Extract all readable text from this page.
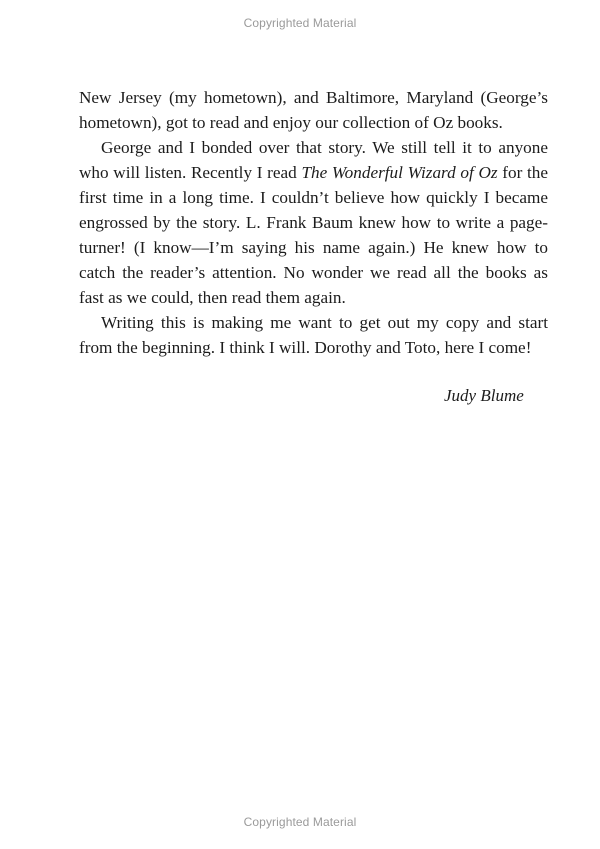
Copyrighted Material
New Jersey (my hometown), and Baltimore, Maryland (George’s
hometown), got to read and enjoy our collection of Oz books.
George and I bonded over that story. We still tell it to anyone
who will listen. Recently I read The Wonderful Wizard of Oz for the
first time in a long time. I couldn’t believe how quickly I became
engrossed by the story. L. Frank Baum knew how to write a page-
turner! (I know—I’m saying his name again.) He knew how to
catch the reader’s attention. No wonder we read all the books as
fast as we could, then read them again.
Writing this is making me want to get out my copy and start
from the beginning. I think I will. Dorothy and Toto, here I come!
Judy Blume
Copyrighted Material
